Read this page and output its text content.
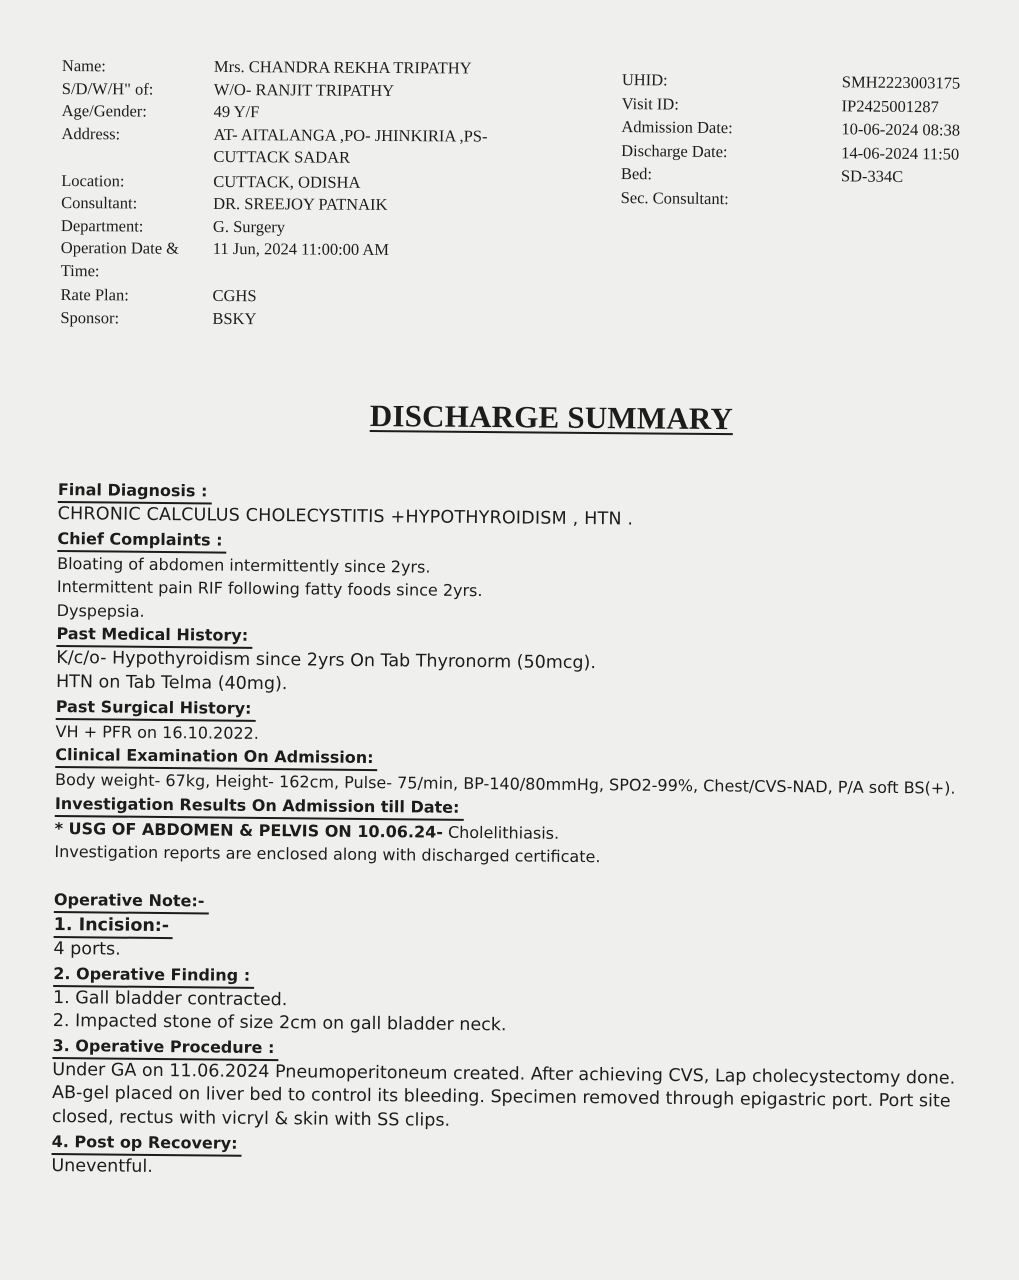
Name:	Mrs. CHANDRA REKHA TRIPATHY
S/D/W/H" of:	W/O- RANJIT TRIPATHY
Age/Gender:	49 Y/F
Address:	AT- AITALANGA ,PO- JHINKIRIA ,PS-
CUTTACK SADAR
Location:	CUTTACK, ODISHA
Consultant:	DR. SREEJOY PATNAIK
Department:	G. Surgery
Operation Date &	11 Jun, 2024 11:00:00 AM
Time:
Rate Plan:	CGHS
Sponsor:	BSKY
UHID:	SMH2223003175
Visit ID:	IP2425001287
Admission Date:	10-06-2024 08:38
Discharge Date:	14-06-2024 11:50
Bed:	SD-334C
Sec. Consultant:
DISCHARGE SUMMARY
Final Diagnosis :
CHRONIC CALCULUS CHOLECYSTITIS +HYPOTHYROIDISM , HTN .
Chief Complaints :
Bloating of abdomen intermittently since 2yrs.
Intermittent pain RIF following fatty foods since 2yrs.
Dyspepsia.
Past Medical History:
K/c/o- Hypothyroidism since 2yrs On Tab Thyronorm (50mcg).
HTN on Tab Telma (40mg).
Past Surgical History:
VH + PFR on 16.10.2022.
Clinical Examination On Admission:
Body weight- 67kg, Height- 162cm, Pulse- 75/min, BP-140/80mmHg, SPO2-99%, Chest/CVS-NAD, P/A soft BS(+).
Investigation Results On Admission till Date:
* USG OF ABDOMEN & PELVIS ON 10.06.24- Cholelithiasis.
Investigation reports are enclosed along with discharged certificate.
Operative Note:-
1. Incision:-
4 ports.
2. Operative Finding :
1. Gall bladder contracted.
2. Impacted stone of size 2cm on gall bladder neck.
3. Operative Procedure :
Under GA on 11.06.2024 Pneumoperitoneum created. After achieving CVS, Lap cholecystectomy done.
AB-gel placed on liver bed to control its bleeding. Specimen removed through epigastric port. Port site
closed, rectus with vicryl & skin with SS clips.
4. Post op Recovery:
Uneventful.
